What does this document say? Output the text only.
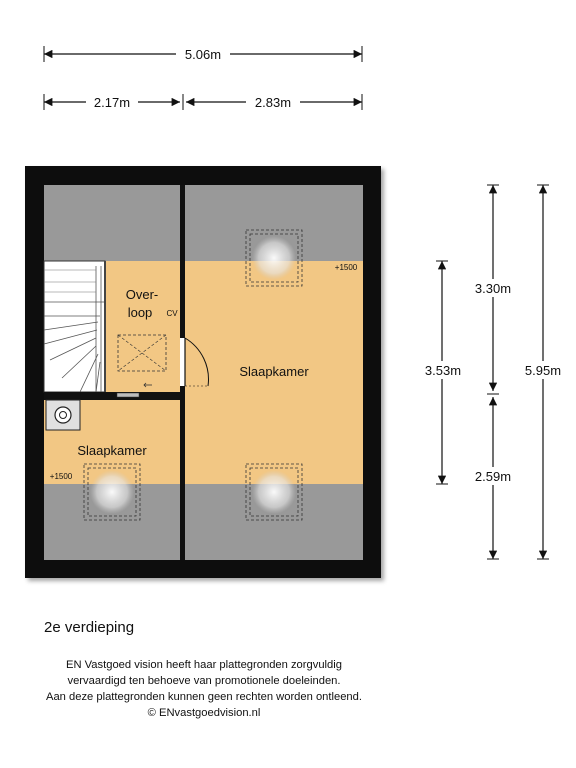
5.06m
2.17m	2.83m
Over-
loop CV
Slaapkamer
Slaapkamer
+1500
+1500
3.53m
3.30m
2.59m
5.95m
2e verdieping
EN Vastgoed vision heeft haar plattegronden zorgvuldig
vervaardigd ten behoeve van promotionele doeleinden.
Aan deze plattegronden kunnen geen rechten worden ontleend.
© ENvastgoedvision.nl
